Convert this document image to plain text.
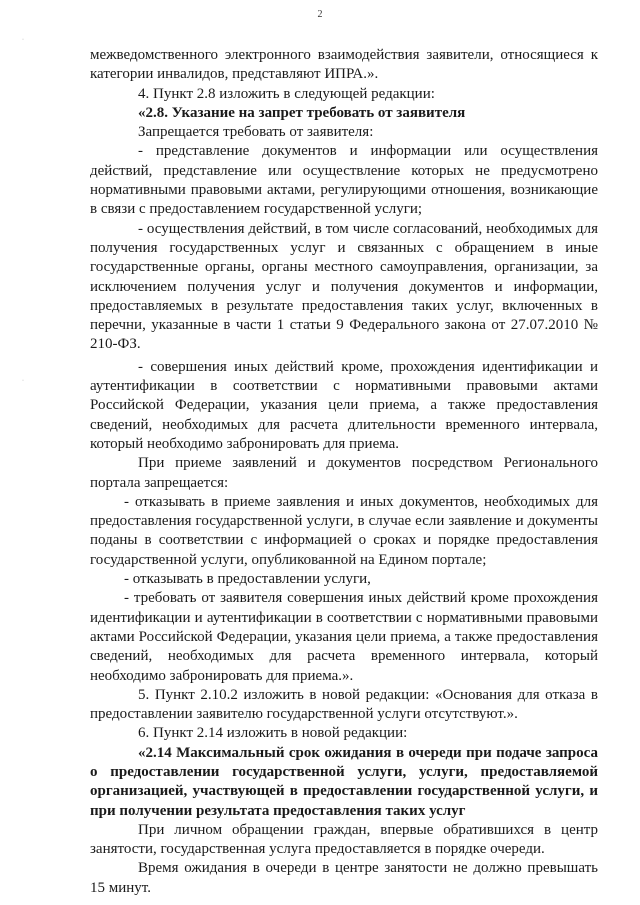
2
·
·

межведомственного электронного взаимодействия заявители, относящиеся к категории инвалидов, представляют ИПРА.».

4. Пункт 2.8 изложить в следующей редакции:

«2.8. Указание на запрет требовать от заявителя

Запрещается требовать от заявителя:

- представление документов и информации или осуществления действий, представление или осуществление которых не предусмотрено нормативными правовыми актами, регулирующими отношения, возникающие в связи с предоставлением государственной услуги;

- осуществления действий, в том числе согласований, необходимых для получения государственных услуг и связанных с обращением в иные государственные органы, органы местного самоуправления, организации, за исключением получения услуг и получения документов и информации, предоставляемых в результате предоставления таких услуг, включенных в перечни, указанные в части 1 статьи 9 Федерального закона от 27.07.2010 № 210-ФЗ.

- совершения иных действий кроме, прохождения идентификации и аутентификации в соответствии с нормативными правовыми актами Российской Федерации, указания цели приема, а также предоставления сведений, необходимых для расчета длительности временного интервала, который необходимо забронировать для приема.

При приеме заявлений и документов посредством Регионального портала запрещается:

- отказывать в приеме заявления и иных документов, необходимых для предоставления государственной услуги, в случае если заявление и документы поданы в соответствии с информацией о сроках и порядке предоставления государственной услуги, опубликованной на Едином портале;

- отказывать в предоставлении услуги,

- требовать от заявителя совершения иных действий кроме прохождения идентификации и аутентификации в соответствии с нормативными правовыми актами Российской Федерации, указания цели приема, а также предоставления сведений, необходимых для расчета временного интервала, который необходимо забронировать для приема.».

5. Пункт 2.10.2 изложить в новой редакции: «Основания для отказа в предоставлении заявителю государственной услуги отсутствуют.».

6. Пункт 2.14 изложить в новой редакции:

«2.14 Максимальный срок ожидания в очереди при подаче запроса о предоставлении государственной услуги, услуги, предоставляемой организацией, участвующей в предоставлении государственной услуги, и при получении результата предоставления таких услуг

При личном обращении граждан, впервые обратившихся в центр занятости, государственная услуга предоставляется в порядке очереди.

Время ожидания в очереди в центре занятости не должно превышать 15 минут.
